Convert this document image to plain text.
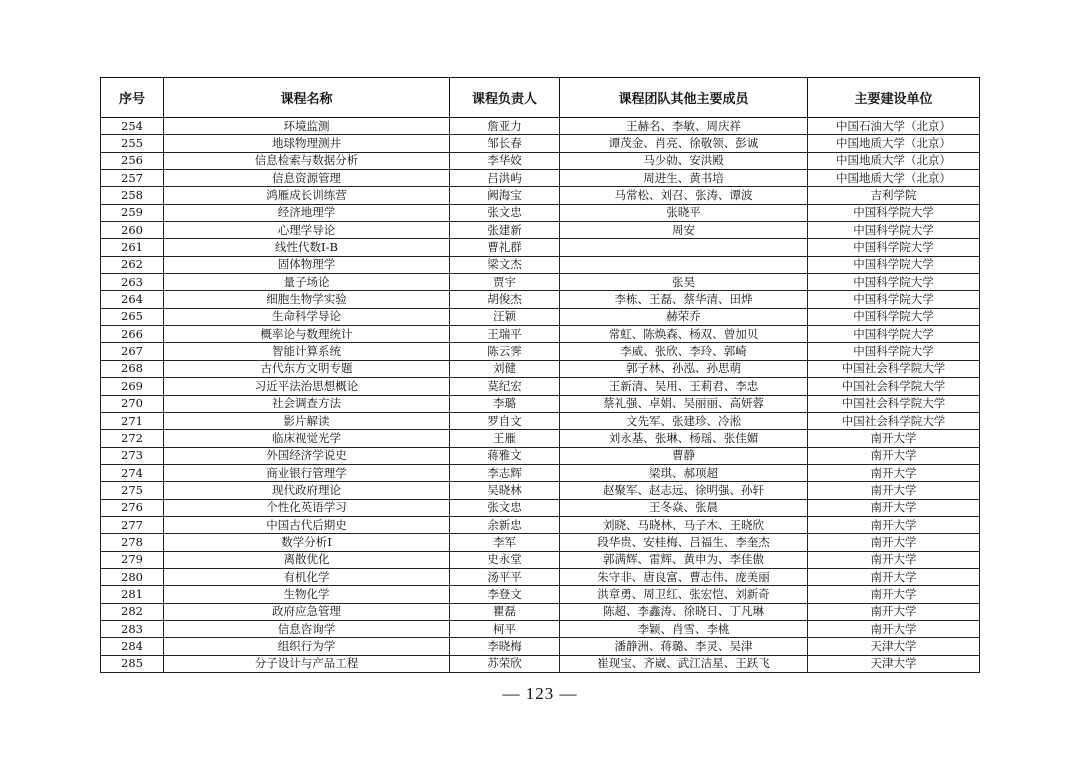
序号	课程名称	课程负责人	课程团队其他主要成员	主要建设单位
254	环境监测	詹亚力	王赫名、李敏、周庆祥	中国石油大学（北京）
255	地球物理测井	邹长春	谭茂金、肖亮、徐敬领、彭诚	中国地质大学（北京）
256	信息检索与数据分析	李华姣	马少勍、安洪殿	中国地质大学（北京）
257	信息资源管理	吕洪屿	周进生、黄书培	中国地质大学（北京）
258	鸿雁成长训练营	阙海宝	马常松、刘召、张涛、谭波	吉利学院
259	经济地理学	张文忠	张晓平	中国科学院大学
260	心理学导论	张建新	周安	中国科学院大学
261	线性代数I-B	曹礼群		中国科学院大学
262	固体物理学	梁文杰		中国科学院大学
263	量子场论	贾宇	张昊	中国科学院大学
264	细胞生物学实验	胡俊杰	李栋、王磊、蔡华清、田烨	中国科学院大学
265	生命科学导论	汪颖	赫荣乔	中国科学院大学
266	概率论与数理统计	王瑞平	常虹、陈焕森、杨双、曾加贝	中国科学院大学
267	智能计算系统	陈云霁	李威、张欣、李玲、郭崎	中国科学院大学
268	古代东方文明专题	刘健	郭子林、孙泓、孙思萌	中国社会科学院大学
269	习近平法治思想概论	莫纪宏	王新清、吴用、王莉君、李忠	中国社会科学院大学
270	社会调查方法	李璐	蔡礼强、卓娟、吴丽丽、高妍蓉	中国社会科学院大学
271	影片解读	罗自文	文先军、张建珍、冷淞	中国社会科学院大学
272	临床视觉光学	王雁	刘永基、张琳、杨瑶、张佳媚	南开大学
273	外国经济学说史	蒋雅文	曹静	南开大学
274	商业银行管理学	李志辉	梁琪、郝项超	南开大学
275	现代政府理论	吴晓林	赵聚军、赵志远、徐明强、孙轩	南开大学
276	个性化英语学习	张文忠	王冬焱、张晨	南开大学
277	中国古代后期史	余新忠	刘晓、马晓林、马子木、王晓欣	南开大学
278	数学分析I	李军	段华贵、安桂梅、吕福生、李奎杰	南开大学
279	离散优化	史永堂	郭满辉、雷辉、黄申为、李佳傲	南开大学
280	有机化学	汤平平	朱守非、唐良富、曹志伟、庞美丽	南开大学
281	生物化学	李登文	洪章勇、周卫红、张宏恺、刘新奇	南开大学
282	政府应急管理	瞿磊	陈超、李鑫涛、徐晓日、丁凡琳	南开大学
283	信息咨询学	柯平	李颖、肖雪、李桃	南开大学
284	组织行为学	李晓梅	潘静洲、蒋璐、李灵、吴津	天津大学
285	分子设计与产品工程	苏荣欣	崔现宝、齐崴、武江洁星、王跃飞	天津大学
— 123 —
